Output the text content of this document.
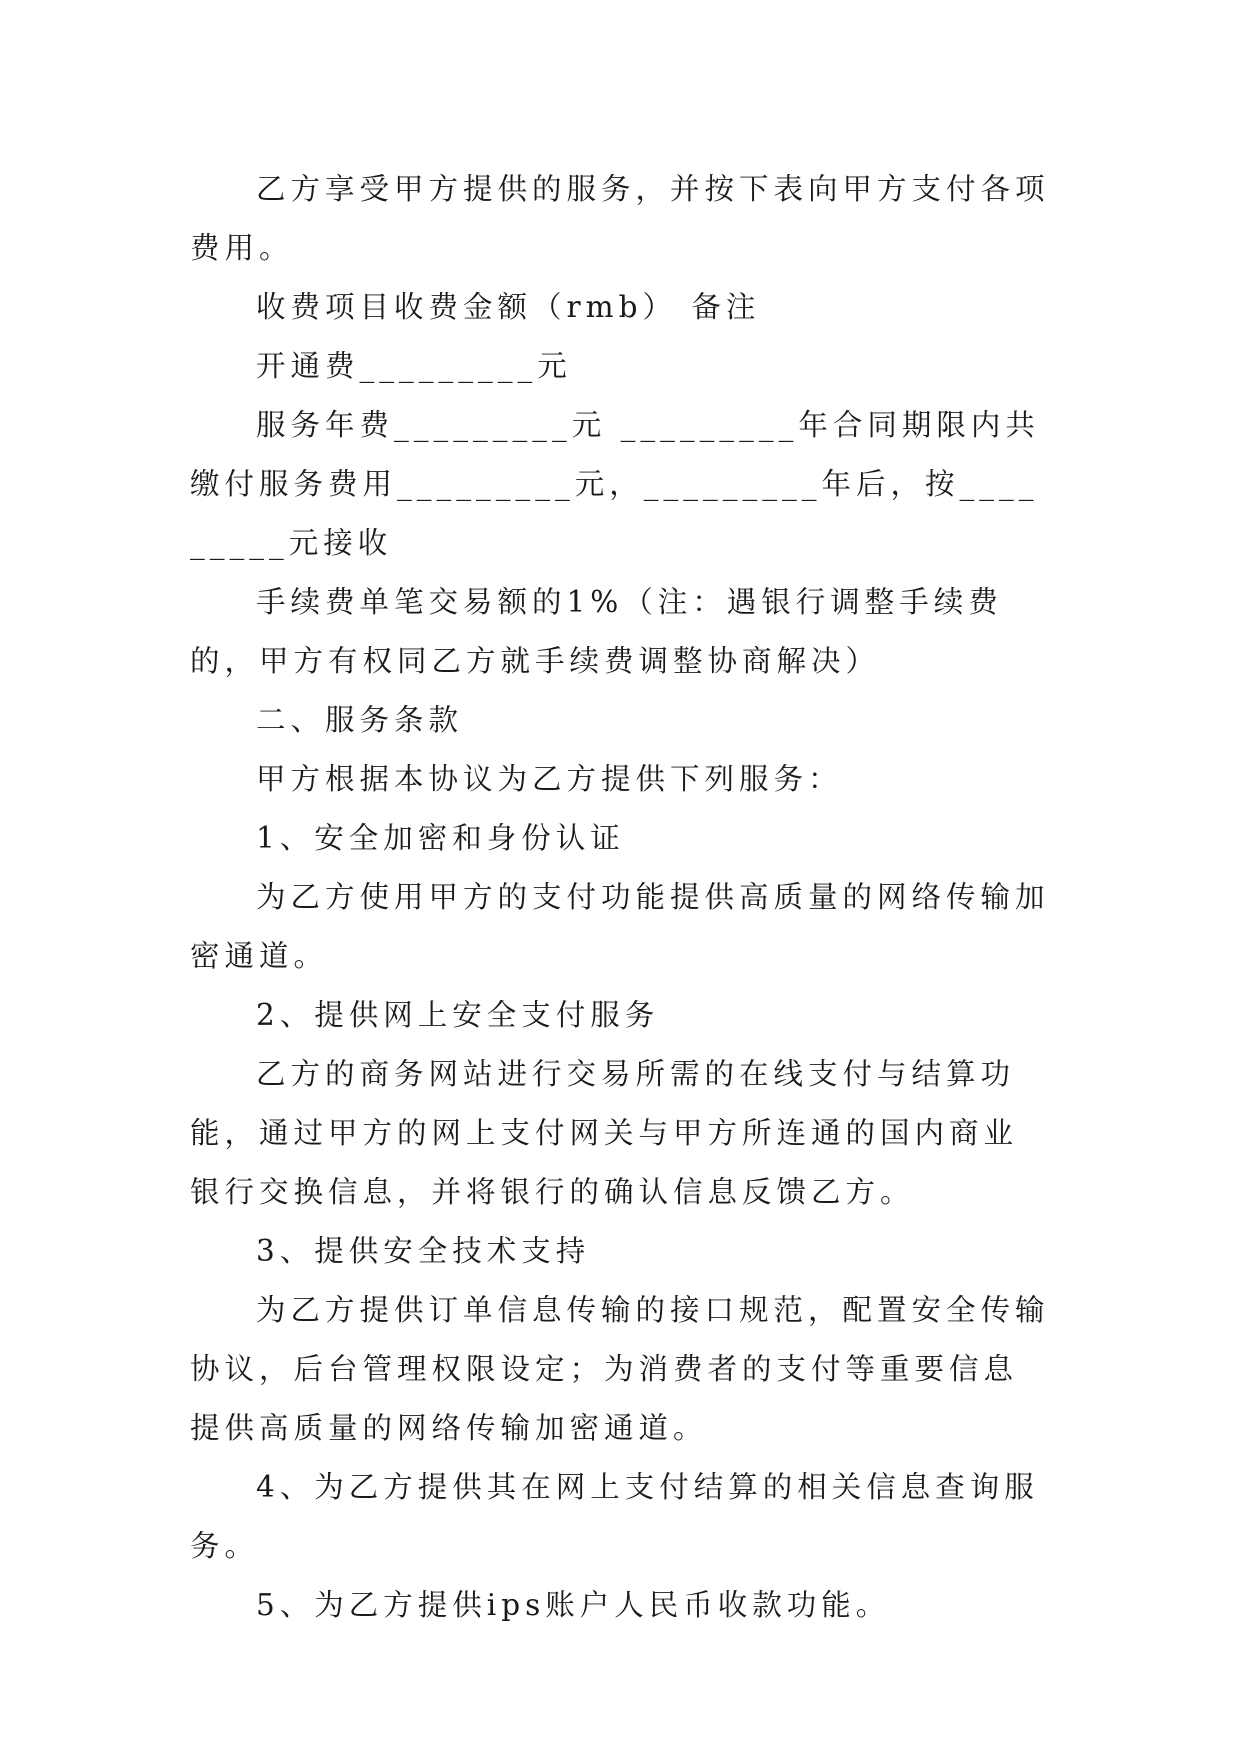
乙方享受甲方提供的服务，并按下表向甲方支付各项费用。

收费项目收费金额（rmb） 备注

开通费_________元

服务年费_________元 _________年合同期限内共缴付服务费用_________元，_________年后，按_________元接收

手续费单笔交易额的1%（注：遇银行调整手续费的，甲方有权同乙方就手续费调整协商解决）

二、服务条款

甲方根据本协议为乙方提供下列服务：

1、安全加密和身份认证

为乙方使用甲方的支付功能提供高质量的网络传输加密通道。

2、提供网上安全支付服务

乙方的商务网站进行交易所需的在线支付与结算功能，通过甲方的网上支付网关与甲方所连通的国内商业银行交换信息，并将银行的确认信息反馈乙方。

3、提供安全技术支持

为乙方提供订单信息传输的接口规范，配置安全传输协议，后台管理权限设定；为消费者的支付等重要信息提供高质量的网络传输加密通道。

4、为乙方提供其在网上支付结算的相关信息查询服务。

5、为乙方提供ips账户人民币收款功能。
